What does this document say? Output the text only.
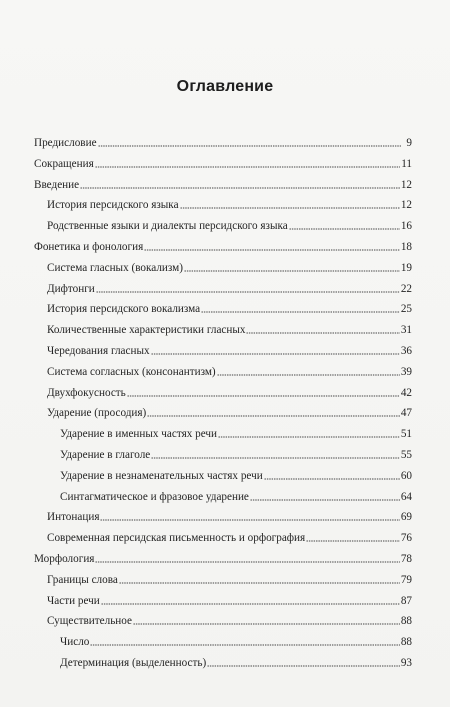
Оглавление
Предисловие	9
Сокращения	11
Введение	12
История персидского языка	12
Родственные языки и диалекты персидского языка	16
Фонетика и фонология	18
Система гласных (вокализм)	19
Дифтонги	22
История персидского вокализма	25
Количественные характеристики гласных	31
Чередования гласных	36
Система согласных (консонантизм)	39
Двухфокусность	42
Ударение (просодия)	47
Ударение в именных частях речи	51
Ударение в глаголе	55
Ударение в незнаменательных частях речи	60
Синтагматическое и фразовое ударение	64
Интонация	69
Современная персидская письменность и орфография	76
Морфология	78
Границы слова	79
Части речи	87
Существительное	88
Число	88
Детерминация (выделенность)	93
